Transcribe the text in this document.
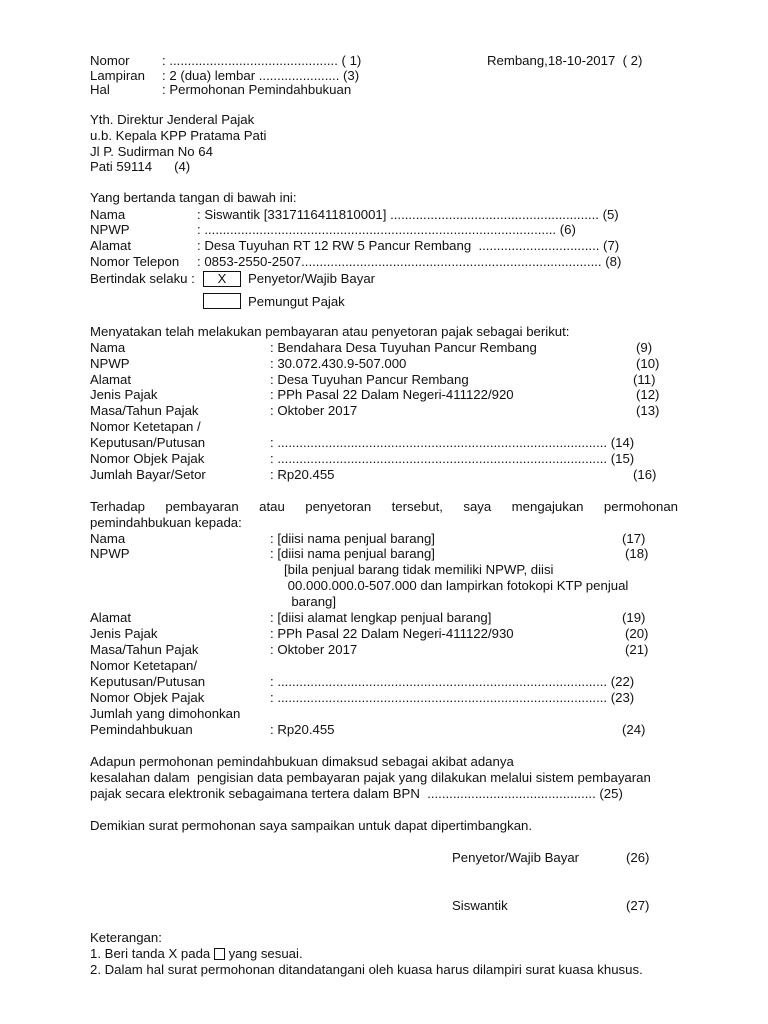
Nomor : .............................................. ( 1)	Rembang,18-10-2017  ( 2)
Lampiran : 2 (dua) lembar ...................... (3)
Hal	: Permohonan Pemindahbukuan
Yth. Direktur Jenderal Pajak
u.b. Kepala KPP Pratama Pati
Jl P. Sudirman No 64
Pati 59114      (4)
Yang bertanda tangan di bawah ini:
Nama	: Siswantik [3317116411810001] ......................................................... (5)
NPWP	: ................................................................................................ (6)
Alamat	: Desa Tuyuhan RT 12 RW 5 Pancur Rembang  ................................. (7)
Nomor Telepon : 0853-2550-2507.................................................................................. (8)
Bertindak selaku :	X	Penyetor/Wajib Bayar
Pemungut Pajak
Menyatakan telah melakukan pembayaran atau penyetoran pajak sebagai berikut:
Nama	: Bendahara Desa Tuyuhan Pancur Rembang	(9)
NPWP	: 30.072.430.9-507.000	(10)
Alamat	: Desa Tuyuhan Pancur Rembang	(11)
Jenis Pajak	: PPh Pasal 22 Dalam Negeri-411122/920	(12)
Masa/Tahun Pajak	: Oktober 2017	(13)
Nomor Ketetapan /
Keputusan/Putusan	: .......................................................................................... (14)
Nomor Objek Pajak	: .......................................................................................... (15)
Jumlah Bayar/Setor	: Rp20.455	(16)
Terhadap pembayaran atau penyetoran tersebut, saya mengajukan permohonan
pemindahbukuan kepada:
Nama	: [diisi nama penjual barang]	(17)
NPWP	: [diisi nama penjual barang]	(18)
[bila penjual barang tidak memiliki NPWP, diisi
00.000.000.0-507.000 dan lampirkan fotokopi KTP penjual
barang]
Alamat	: [diisi alamat lengkap penjual barang]	(19)
Jenis Pajak	: PPh Pasal 22 Dalam Negeri-411122/930	(20)
Masa/Tahun Pajak	: Oktober 2017	(21)
Nomor Ketetapan/
Keputusan/Putusan	: .......................................................................................... (22)
Nomor Objek Pajak	: .......................................................................................... (23)
Jumlah yang dimohonkan
Pemindahbukuan	: Rp20.455	(24)
Adapun permohonan pemindahbukuan dimaksud sebagai akibat adanya
kesalahan dalam  pengisian data pembayaran pajak yang dilakukan melalui sistem pembayaran
pajak secara elektronik sebagaimana tertera dalam BPN  .............................................. (25)
Demikian surat permohonan saya sampaikan untuk dapat dipertimbangkan.
Penyetor/Wajib Bayar	(26)
Siswantik	(27)
Keterangan:
1. Beri tanda X pada  yang sesuai.
2. Dalam hal surat permohonan ditandatangani oleh kuasa harus dilampiri surat kuasa khusus.
